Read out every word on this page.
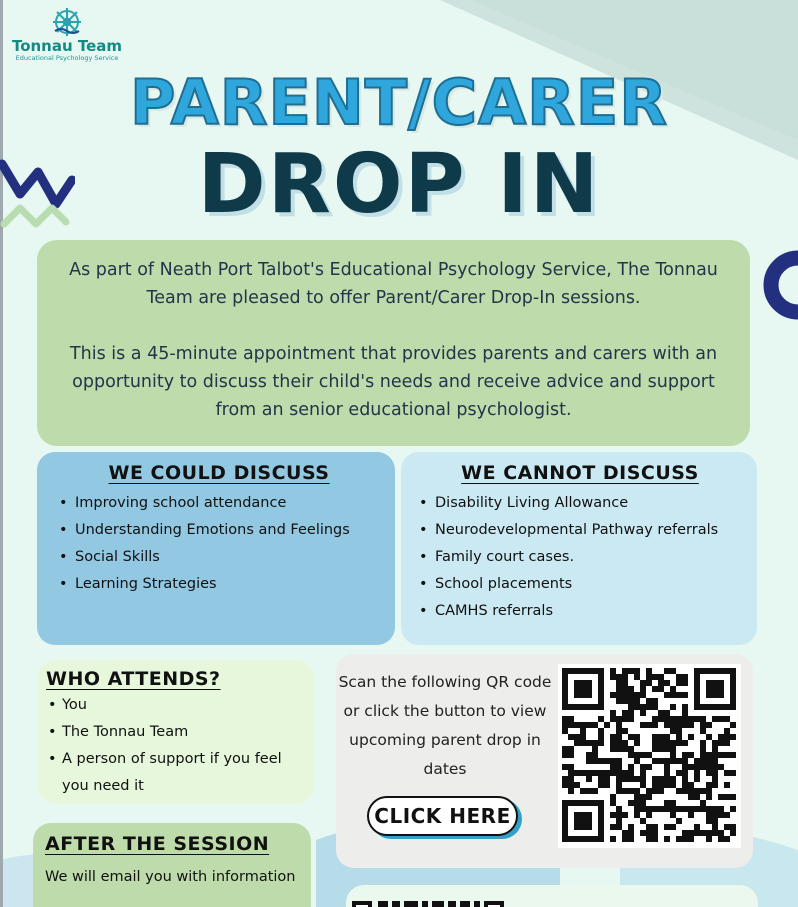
Tonnau Team
Educational Psychology Service
PARENT/CARER
DROP IN

As part of Neath Port Talbot's Educational Psychology Service, The Tonnau Team are pleased to offer Parent/Carer Drop-In sessions.

This is a 45-minute appointment that provides parents and carers with an opportunity to discuss their child's needs and receive advice and support from an senior educational psychologist.

WE COULD DISCUSS
• Improving school attendance
• Understanding Emotions and Feelings
• Social Skills
• Learning Strategies
WE CANNOT DISCUSS
• Disability Living Allowance
• Neurodevelopmental Pathway referrals
• Family court cases.
• School placements
• CAMHS referrals
WHO ATTENDS?
• You
• The Tonnau Team
• A person of support if you feel you need it
AFTER THE SESSION
We will email you with information
Scan the following QR code or click the button to view upcoming parent drop in dates
CLICK HERE
